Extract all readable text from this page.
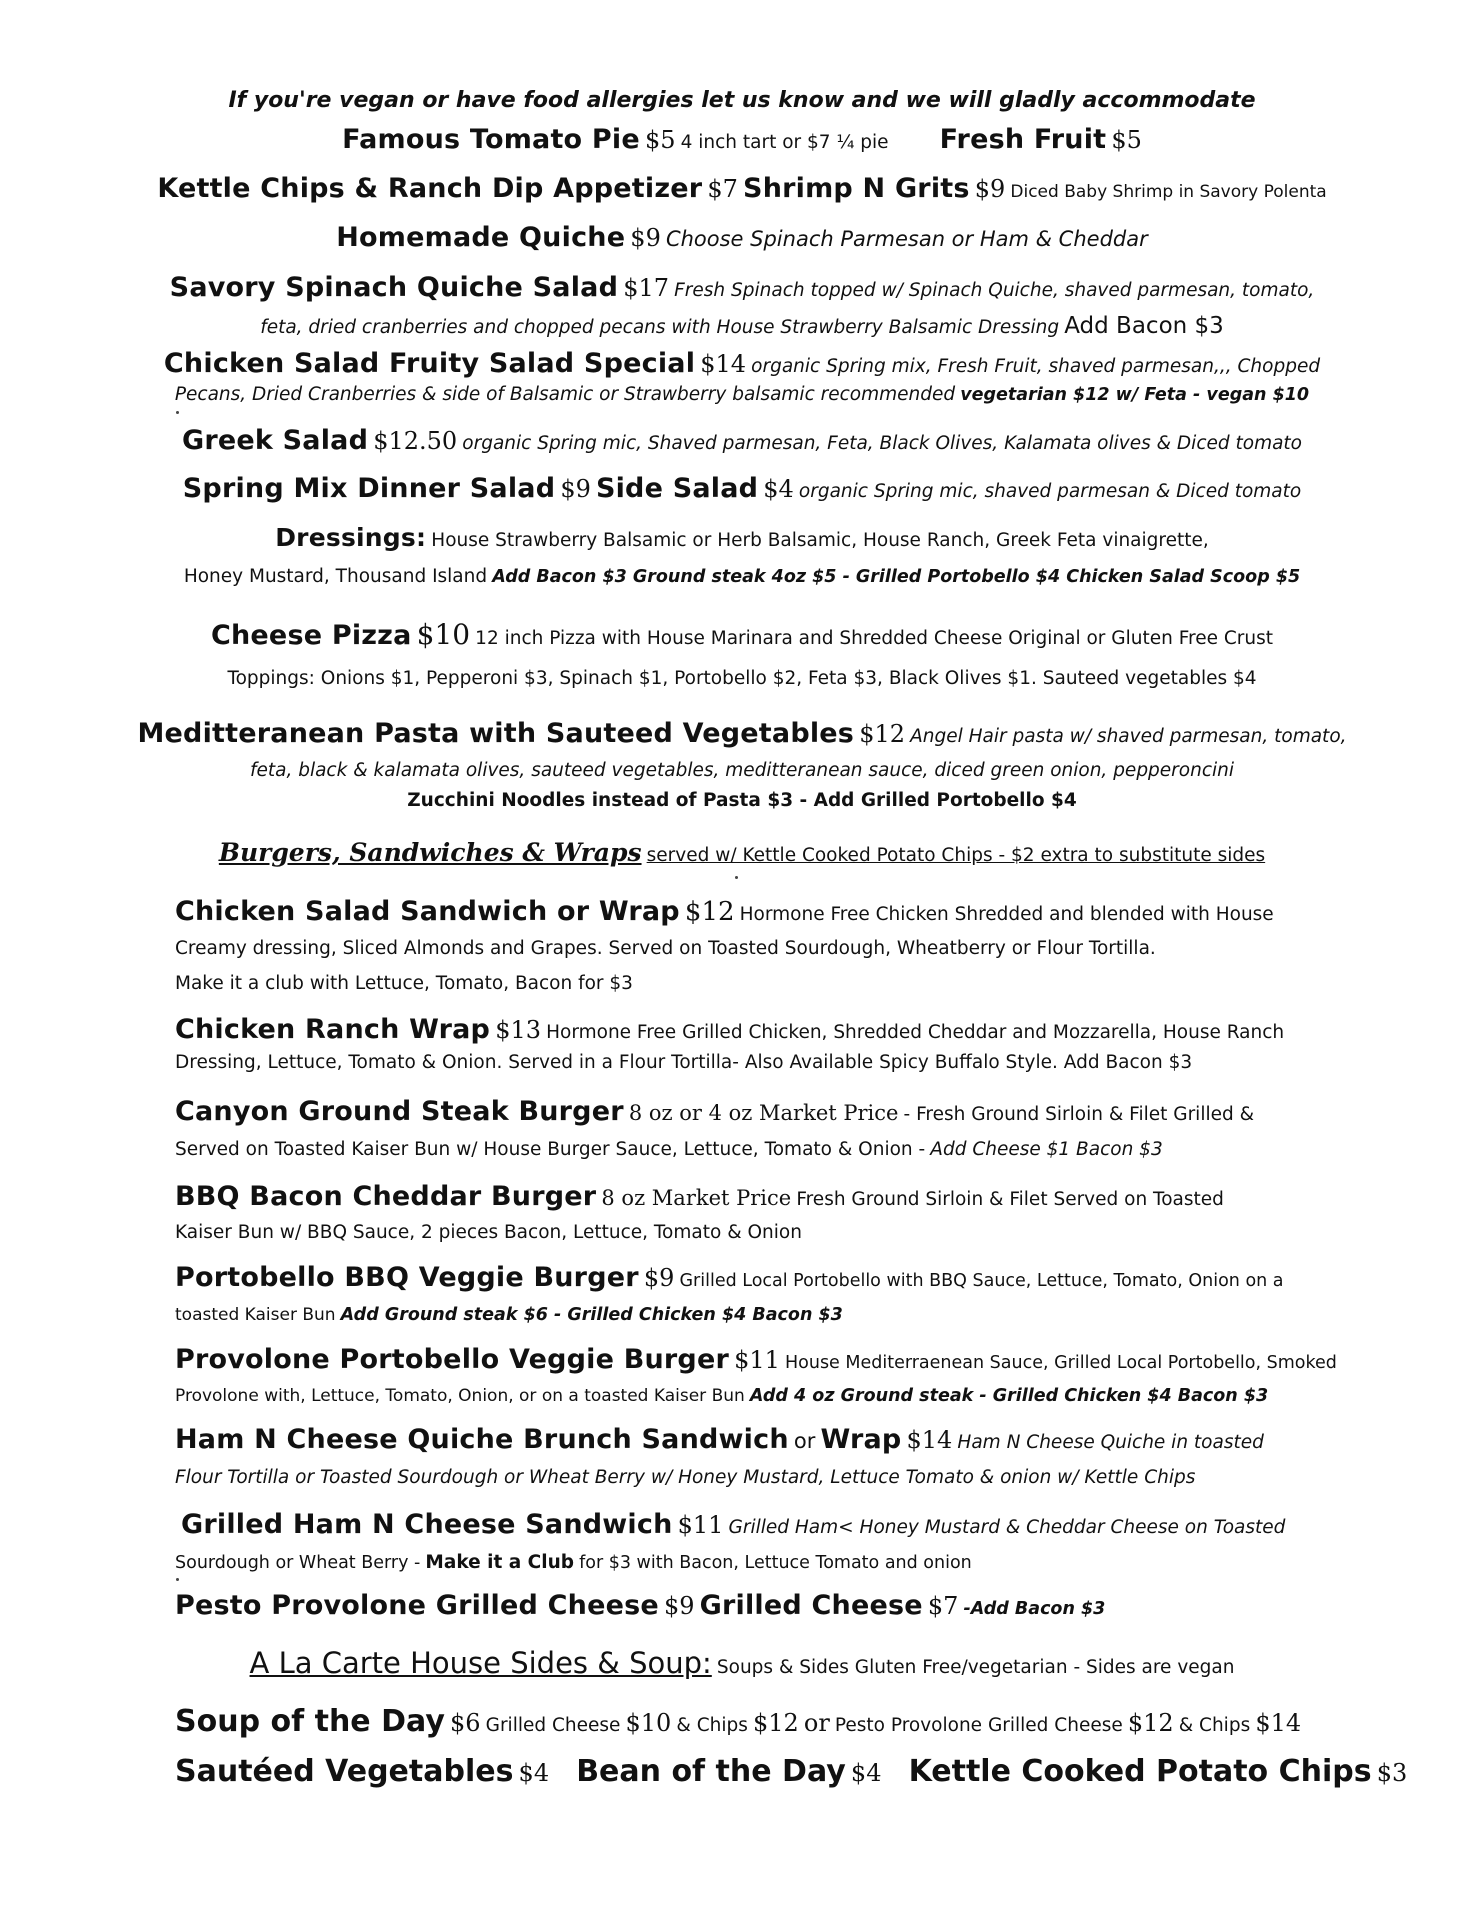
If you're vegan or have food allergies let us know and we will gladly accommodate
Famous Tomato Pie $5 4 inch tart or $7 ¼ pie Fresh Fruit $5
Kettle Chips & Ranch Dip Appetizer $7 Shrimp N Grits $9 Diced Baby Shrimp in Savory Polenta
Homemade Quiche $9 Choose Spinach Parmesan or Ham & Cheddar
Savory Spinach Quiche Salad $17 Fresh Spinach topped w/ Spinach Quiche, shaved parmesan, tomato,
feta, dried cranberries and chopped pecans with House Strawberry Balsamic Dressing Add Bacon $3
Chicken Salad Fruity Salad Special $14 organic Spring mix, Fresh Fruit, shaved parmesan,,, Chopped
Pecans, Dried Cranberries & side of Balsamic or Strawberry balsamic recommended vegetarian $12 w/ Feta - vegan $10
Greek Salad $12.50 organic Spring mic, Shaved parmesan, Feta, Black Olives, Kalamata olives & Diced tomato
Spring Mix Dinner Salad $9 Side Salad $4 organic Spring mic, shaved parmesan & Diced tomato
Dressings: House Strawberry Balsamic or Herb Balsamic, House Ranch, Greek Feta vinaigrette,
Honey Mustard, Thousand Island Add Bacon $3 Ground steak 4oz $5 - Grilled Portobello $4 Chicken Salad Scoop $5
Cheese Pizza $10 12 inch Pizza with House Marinara and Shredded Cheese Original or Gluten Free Crust
Toppings: Onions $1, Pepperoni $3, Spinach $1, Portobello $2, Feta $3, Black Olives $1. Sauteed vegetables $4
Meditteranean Pasta with Sauteed Vegetables $12 Angel Hair pasta w/ shaved parmesan, tomato,
feta, black & kalamata olives, sauteed vegetables, meditteranean sauce, diced green onion, pepperoncini
Zucchini Noodles instead of Pasta $3 - Add Grilled Portobello $4
Burgers, Sandwiches & Wraps served w/ Kettle Cooked Potato Chips - $2 extra to substitute sides
Chicken Salad Sandwich or Wrap $12 Hormone Free Chicken Shredded and blended with House
Creamy dressing, Sliced Almonds and Grapes. Served on Toasted Sourdough, Wheatberry or Flour Tortilla.
Make it a club with Lettuce, Tomato, Bacon for $3
Chicken Ranch Wrap $13 Hormone Free Grilled Chicken, Shredded Cheddar and Mozzarella, House Ranch
Dressing, Lettuce, Tomato & Onion. Served in a Flour Tortilla- Also Available Spicy Buffalo Style. Add Bacon $3
Canyon Ground Steak Burger 8 oz or 4 oz Market Price - Fresh Ground Sirloin & Filet Grilled &
Served on Toasted Kaiser Bun w/ House Burger Sauce, Lettuce, Tomato & Onion - Add Cheese $1 Bacon $3
BBQ Bacon Cheddar Burger 8 oz Market Price Fresh Ground Sirloin & Filet Served on Toasted
Kaiser Bun w/ BBQ Sauce, 2 pieces Bacon, Lettuce, Tomato & Onion
Portobello BBQ Veggie Burger $9 Grilled Local Portobello with BBQ Sauce, Lettuce, Tomato, Onion on a
toasted Kaiser Bun Add Ground steak $6 - Grilled Chicken $4 Bacon $3
Provolone Portobello Veggie Burger $11 House Mediterraenean Sauce, Grilled Local Portobello, Smoked
Provolone with, Lettuce, Tomato, Onion, or on a toasted Kaiser Bun Add 4 oz Ground steak - Grilled Chicken $4 Bacon $3
Ham N Cheese Quiche Brunch Sandwich or Wrap $14 Ham N Cheese Quiche in toasted
Flour Tortilla or Toasted Sourdough or Wheat Berry w/ Honey Mustard, Lettuce Tomato & onion w/ Kettle Chips
Grilled Ham N Cheese Sandwich $11 Grilled Ham< Honey Mustard & Cheddar Cheese on Toasted
Sourdough or Wheat Berry - Make it a Club for $3 with Bacon, Lettuce Tomato and onion
Pesto Provolone Grilled Cheese $9 Grilled Cheese $7 -Add Bacon $3
A La Carte House Sides & Soup: Soups & Sides Gluten Free/vegetarian - Sides are vegan
Soup of the Day $6 Grilled Cheese $10 & Chips $12 or Pesto Provolone Grilled Cheese $12 & Chips $14
Sautéed Vegetables $4 Bean of the Day $4 Kettle Cooked Potato Chips $3
